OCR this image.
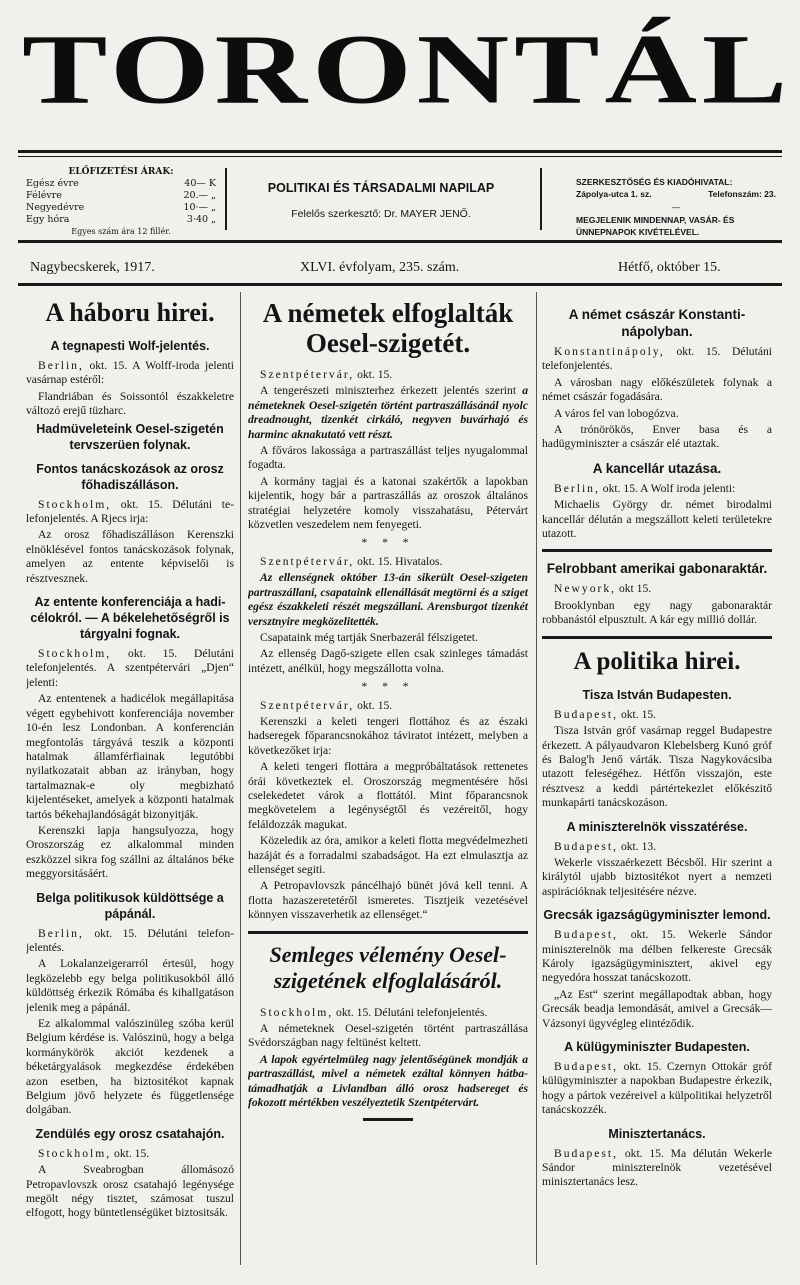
TORONTÁL
ELŐFIZETÉSI ÁRAK:
Egész évre	40— K
Félévre	20.— „
Negyedévre	10·— „
Egy hóra	3·40 „
Egyes szám ára 12 fillér.
POLITIKAI ÉS TÁRSADALMI NAPILAP
Felelős szerkesztő: Dr. MAYER JENŐ.
SZERKESZTŐSÉG ÉS KIADÓHIVATAL:
Zápolya-utca 1. sz.	Telefonszám: 23.
—
MEGJELENIK MINDENNAP, VASÁR- ÉS ÜNNEPNAPOK KIVÉTELÉVEL.
Nagybecskerek, 1917.	XLVI. évfolyam, 235. szám.	Hétfő, október 15.
A háboru hirei.
A tegnapesti Wolf-jelentés.

Berlin, okt. 15. A Wolff-iroda jelenti vasárnap estéről:

Flandriában és Soissontól északkeletre változó erejű tüzharc.

Hadmüveleteink Oesel-szigetén tervszerüen folynak.
Fontos tanácskozások az orosz főhadiszálláson.

Stockholm, okt. 15. Délutáni telefonjelentés. A Rjecs irja:

Az orosz főhadiszálláson Kerenszki elnöklésével fontos tanácskozások folynak, amelyen az entente képviselői is résztvesznek.

Az entente konferenciája a hadicélokról. — A békelehetőségről is tárgyalni fognak.

Stockholm, okt. 15. Délutáni telefonjelentés. A szentpétervári „Djen“ jelenti:

Az ententenek a hadicélok megállapitása végett egybehivott konferenciája november 10-én lesz Londonban. A konferencián megfontolás tárgyává teszik a központi hatalmak államférfiainak legutóbbi nyilatkozatait abban az irányban, hogy tartalmaznak-e oly megbizható kijelentéseket, amelyek a központi hatalmak tartós békehajlandóságát bizonyitják.

Kerenszki lapja hangsulyozza, hogy Oroszország ez alkalommal minden eszközzel sikra fog szállni az általános béke meggyorsitásáért.

Belga politikusok küldöttsége a pápánál.

Berlin, okt. 15. Délutáni telefonjelentés.

A Lokalanzeigerarról értesül, hogy legközelebb egy belga politikusokból álló küldöttség érkezik Rómába és kihallgatáson jelenik meg a pápánál.

Ez alkalommal valószinüleg szóba kerül Belgium kérdése is. Valószinü, hogy a belga kormánykörök akciót kezdenek a béketárgyalások megkezdése érdekében azon esetben, ha biztositékot kapnak Belgium jövő helyzete és függetlensége dolgában.

Zendülés egy orosz csatahajón.

Stockholm, okt. 15.

A Sveabrogban állomásozó Petropavlovszk orosz csatahajó legénysége megölt négy tisztet, számosat tuszul elfogott, hogy büntetlenségüket biztositsák.

A németek elfoglalták Oesel-szigetét.

Szentpétervár, okt. 15.

A tengerészeti miniszterhez érkezett jelentés szerint a németeknek Oesel-szigetén történt partraszállásánál nyolc dreadnought, tizenkét cirkáló, negyven buvárhajó és harminc aknakutató vett részt.

A főváros lakossága a partraszállást teljes nyugalommal fogadta.

A kormány tagjai és a katonai szakértők a lapokban kijelentik, hogy bár a partraszállás az oroszok általános stratégiai helyzetére komoly visszahatásu, Pétervárt közvetlen veszedelem nem fenyegeti.

* * *

Szentpétervár, okt. 15. Hivatalos.

Az ellenségnek október 13-án sikerült Oesel-szigeten partraszállani, csapataink ellenállását megtörni és a sziget egész északkeleti részét megszállani. Arensburgot tizenkét versztnyire megközelitették.

Csapataink még tartják Snerbazerál félszigetet.

Az ellenség Dagő-szigete ellen csak szinleges támadást intézett, anélkül, hogy megszállotta volna.

* * *

Szentpétervár, okt. 15.

Kerenszki a keleti tengeri flottához és az északi hadseregek főparancsnokához táviratot intézett, melyben a következőket irja:

A keleti tengeri flottára a megpróbáltatások rettenetes órái következtek el. Oroszország megmentésére hősi cselekedetet várok a flottától. Mint főparancsnok megkövetelem a legénységtől és vezéreitől, hogy feláldozzák magukat.

Közeledik az óra, amikor a keleti flotta megvédelmezheti hazáját és a forradalmi szabadságot. Ha ezt elmulasztja az ellenséget segiti.

A Petropavlovszk páncélhajó bünét jóvá kell tenni. A flotta hazaszeretetéről ismeretes. Tisztjeik vezetésével könnyen visszaverhetik az ellenséget.“

Semleges vélemény Oeselszigetének elfoglalásáról.

Stockholm, okt. 15. Délutáni telefonjelentés.

A németeknek Oesel-szigetén történt partraszállása Svédországban nagy feltünést keltett.

A lapok egyértelmüleg nagy jelentőségünek mondják a partraszállást, mivel a németek ezáltal könnyen hátbatámadhatják a Livlandban álló orosz hadsereget és fokozott mértékben veszélyeztetik Szentpétervárt.

A német császár Konstantinápolyban.

Konstantinápoly, okt. 15. Délutáni telefonjelentés.

A városban nagy előkészületek folynak a német császár fogadására.

A város fel van lobogózva.

A trónörökös, Enver basa és a hadügyminiszter a császár elé utaztak.

A kancellár utazása.

Berlin, okt. 15. A Wolf iroda jelenti:

Michaelis György dr. német birodalmi kancellár délután a megszállott keleti területekre utazott.

Felrobbant amerikai gabonaraktár.

Newyork, okt 15.

Brooklynban egy nagy gabonaraktár robbanástól elpusztult. A kár egy millió dollár.

A politika hirei.
Tisza István Budapesten.

Budapest, okt. 15.

Tisza István gróf vasárnap reggel Budapestre érkezett. A pályaudvaron Klebelsberg Kunó gróf és Balog'h Jenő várták. Tisza Nagykovácsiba utazott feleségéhez. Hétfőn visszajön, este résztvesz a keddi pártértekezlet előkészitő munkapárti tanácskozáson.

A miniszterelnök visszatérése.

Budapest, okt. 13.

Wekerle visszaérkezett Bécsből. Hir szerint a királytól ujabb biztositékot nyert a nemzeti aspirációknak teljesitésére nézve.

Grecsák igazságügyminiszter lemond.

Budapest, okt. 15. Wekerle Sándor miniszterelnök ma délben felkereste Grecsák Károly igazságügyminisztert, akivel egy negyedóra hosszat tanácskozott.

„Az Est“ szerint megállapodtak abban, hogy Grecsák beadja lemondását, amivel a Grecsák—Vázsonyi ügyvégleg elintéződik.

A külügyminiszter Budapesten.

Budapest, okt. 15. Czernyn Ottokár gróf külügyminiszter a napokban Budapestre érkezik, hogy a pártok vezéreivel a külpolitikai helyzetről tanácskozzék.

Minisztertanács.

Budapest, okt. 15. Ma délután Wekerle Sándor miniszterelnök vezetésével minisztertanács lesz.
